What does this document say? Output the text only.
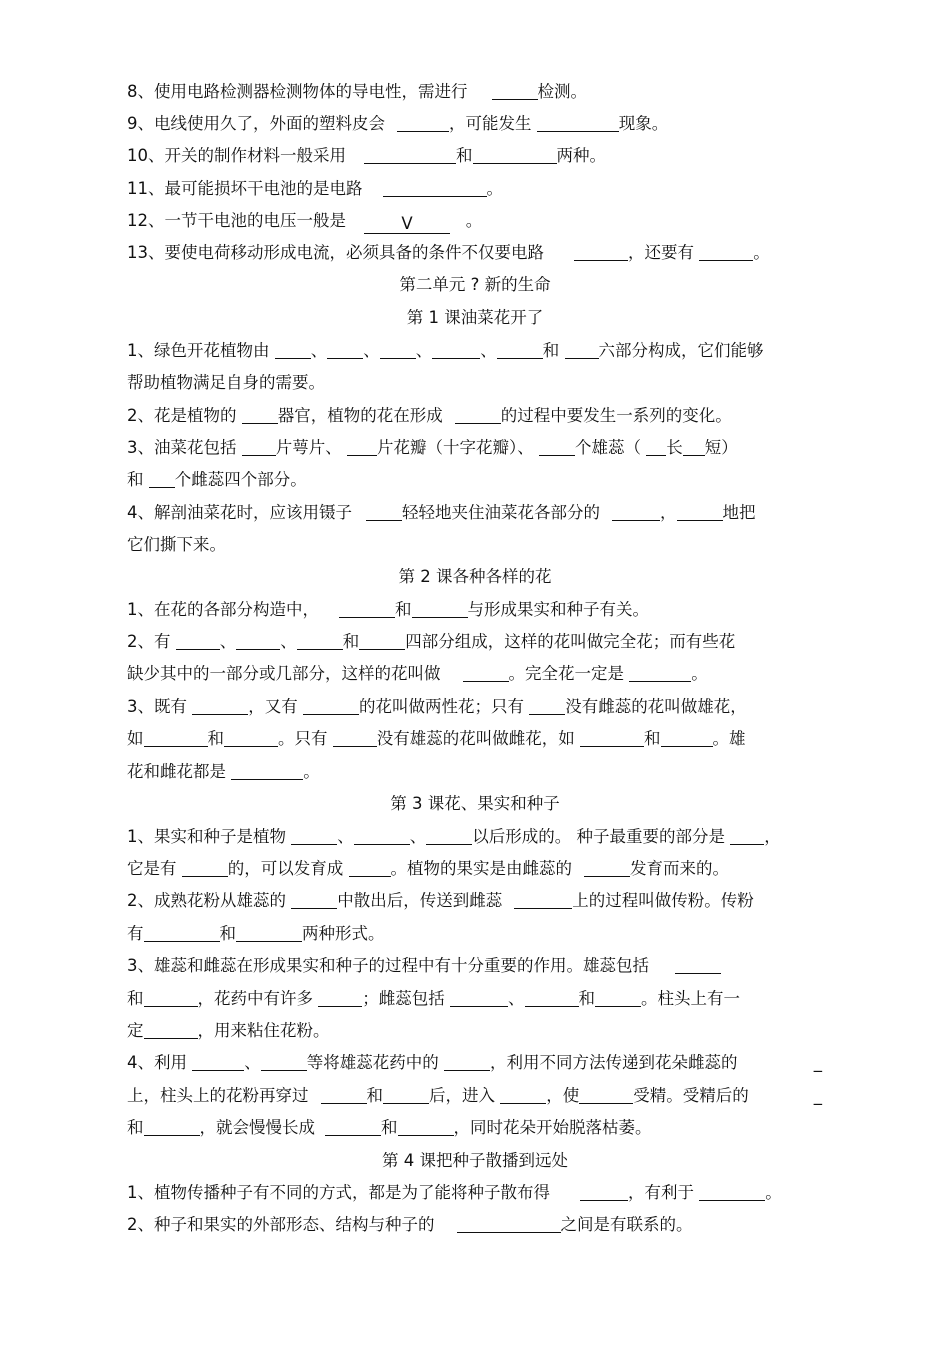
8、使用电路检测器检测物体的导电性，需进行	检测。
9、电线使用久了，外面的塑料皮会	，可能发生	现象。
10、开关的制作材料一般采用	和	两种。
11、最可能损坏干电池的是电路	。
12、一节干电池的电压一般是	V   。
13、要使电荷移动形成电流，必须具备的条件不仅要电路	，还要有	。
第二单元 ? 新的生命
第 1 课油菜花开了
1、绿色开花植物由 、 、 、	、	和 六部分构成，它们能够
帮助植物满足自身的需要。
2、花是植物的 器官，植物的花在形成	的过程中要发生一系列的变化。
3、油菜花包括 片萼片、 片花瓣（十字花瓣）、 个雄蕊（ 长 短）
和 个雌蕊四个部分。
4、解剖油菜花时，应该用镊子	轻轻地夹住油菜花各部分的	，	地把
它们撕下来。
第 2 课各种各样的花
1、在花的各部分构造中，	和	与形成果实和种子有关。
2、有	、	、	和	四部分组成，这样的花叫做完全花；而有些花
缺少其中的一部分或几部分，这样的花叫做	。完全花一定是	。
3、既有	，又有	的花叫做两性花；只有 没有雌蕊的花叫做雄花，
如	和	。只有	没有雄蕊的花叫做雌花，如	和	。雄
花和雌花都是	。
第 3 课花、果实和种子
1、果实和种子是植物	、	、	以后形成的。 种子最重要的部分是 ，
它是有	的，可以发育成	。植物的果实是由雌蕊的	发育而来的。
2、成熟花粉从雄蕊的	中散出后，传送到雌蕊	上的过程叫做传粉。传粉
有	和	两种形式。
3、雄蕊和雌蕊在形成果实和种子的过程中有十分重要的作用。雄蕊包括
和	，花药中有许多	；雌蕊包括	、	和	。柱头上有一
定	，用来粘住花粉。
4、利用	、	等将雄蕊花药中的	，利用不同方法传递到花朵雌蕊的	_
上，柱头上的花粉再穿过	和	后，进入	，使	受精。受精后的	_
和	，就会慢慢长成	和	，同时花朵开始脱落枯萎。
第 4 课把种子散播到远处
1、植物传播种子有不同的方式，都是为了能将种子散布得	，有利于	。
2、种子和果实的外部形态、结构与种子的	之间是有联系的。
